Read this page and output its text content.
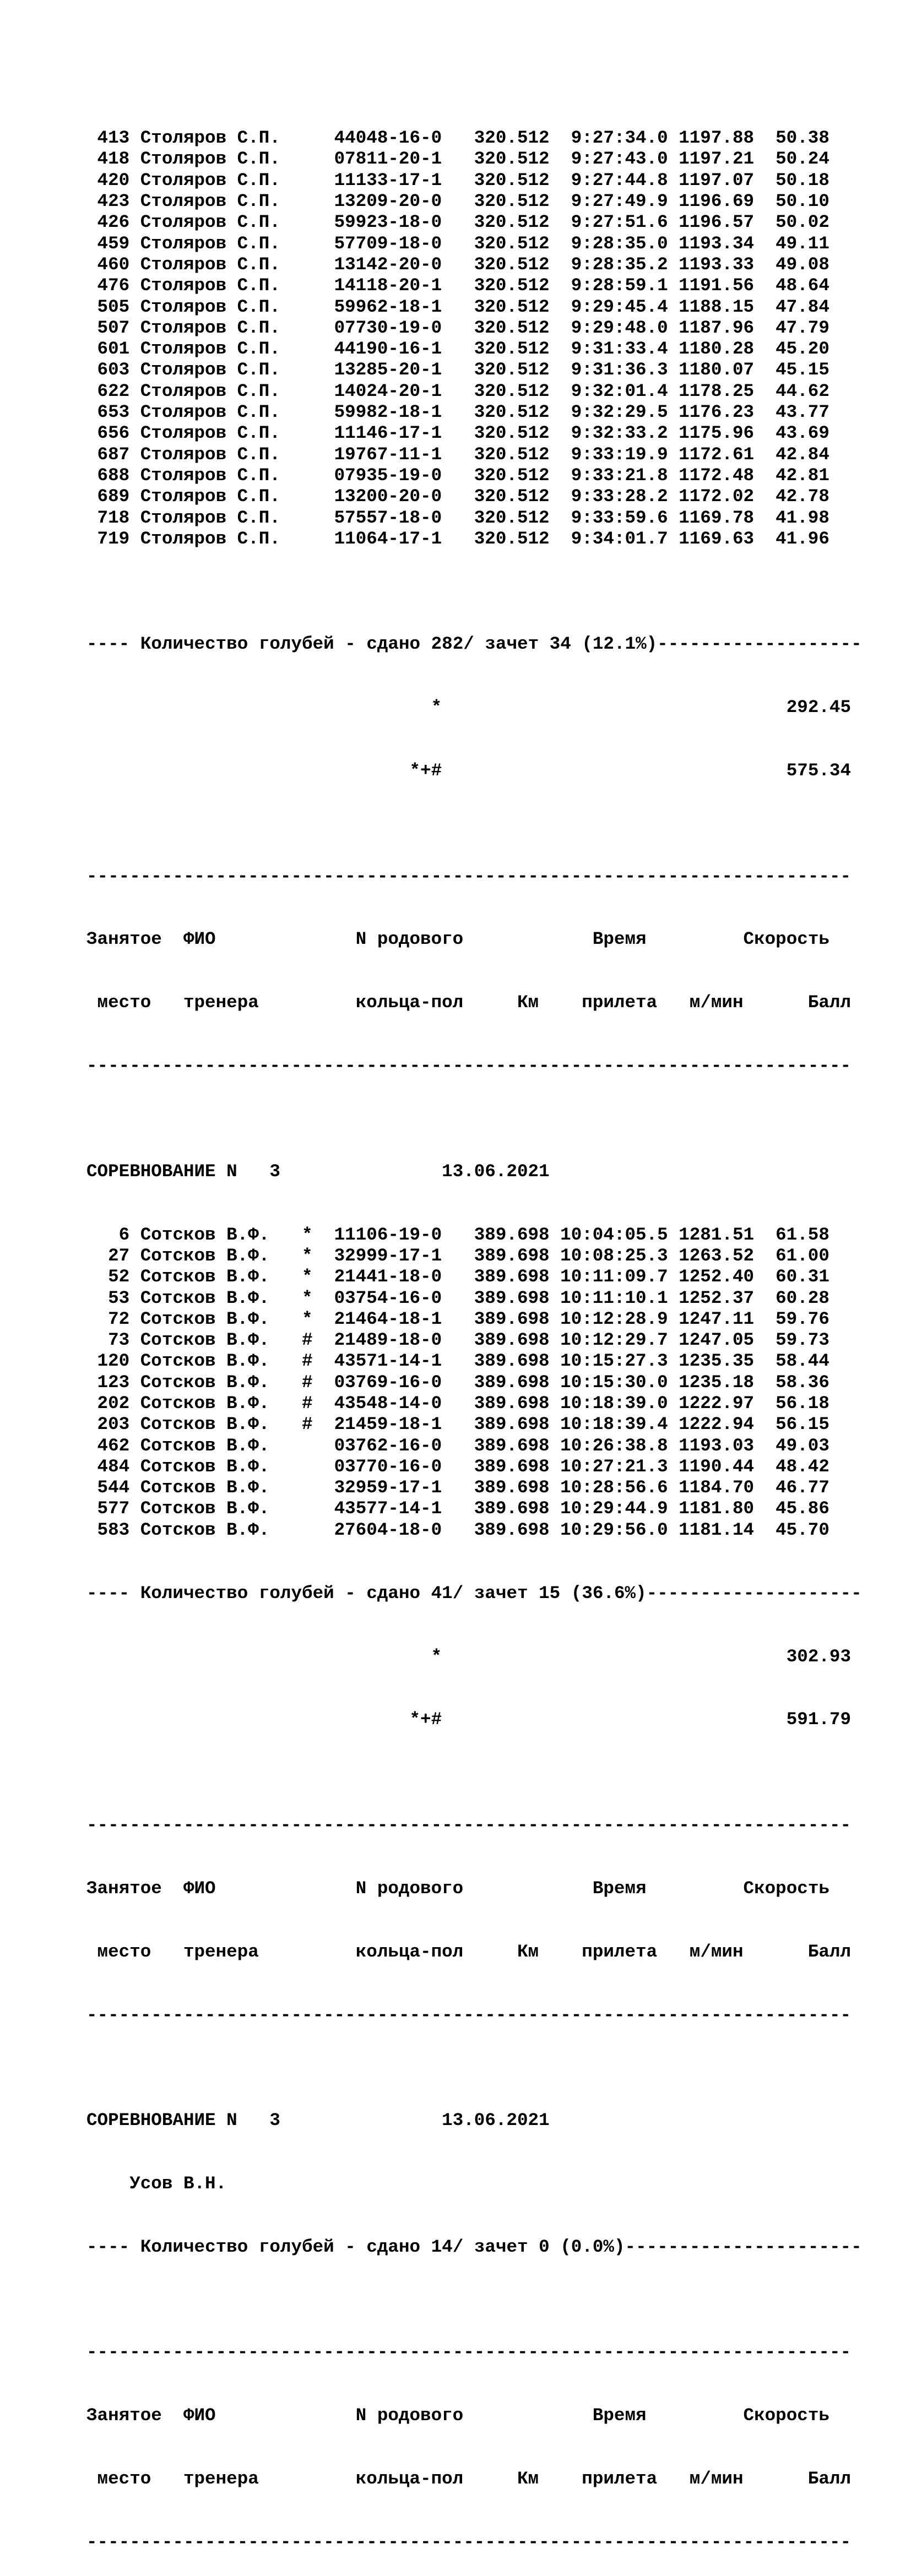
413 Столяров С.П.	44048-16-0 320.512 9:27:34.0 1197.88 50.38
418 Столяров С.П.	07811-20-1 320.512 9:27:43.0 1197.21 50.24
420 Столяров С.П.	11133-17-1 320.512 9:27:44.8 1197.07 50.18
423 Столяров С.П.	13209-20-0 320.512 9:27:49.9 1196.69 50.10
426 Столяров С.П.	59923-18-0 320.512 9:27:51.6 1196.57 50.02
459 Столяров С.П.	57709-18-0 320.512 9:28:35.0 1193.34 49.11
460 Столяров С.П.	13142-20-0 320.512 9:28:35.2 1193.33 49.08
476 Столяров С.П.	14118-20-1 320.512 9:28:59.1 1191.56 48.64
505 Столяров С.П.	59962-18-1 320.512 9:29:45.4 1188.15 47.84
507 Столяров С.П.	07730-19-0 320.512 9:29:48.0 1187.96 47.79
601 Столяров С.П.	44190-16-1 320.512 9:31:33.4 1180.28 45.20
603 Столяров С.П.	13285-20-1 320.512 9:31:36.3 1180.07 45.15
622 Столяров С.П.	14024-20-1 320.512 9:32:01.4 1178.25 44.62
653 Столяров С.П.	59982-18-1 320.512 9:32:29.5 1176.23 43.77
656 Столяров С.П.	11146-17-1 320.512 9:32:33.2 1175.96 43.69
687 Столяров С.П.	19767-11-1 320.512 9:33:19.9 1172.61 42.84
688 Столяров С.П.	07935-19-0 320.512 9:33:21.8 1172.48 42.81
689 Столяров С.П.	13200-20-0 320.512 9:33:28.2 1172.02 42.78
718 Столяров С.П.	57557-18-0 320.512 9:33:59.6 1169.78 41.98
719 Столяров С.П.	11064-17-1 320.512 9:34:01.7 1169.63 41.96

---- Количество голубей - сдано 282/ зачет 34 (12.1%)-------------------

*	292.45

*+#	575.34

-----------------------------------------------------------------------

Занятое ФИО	N родового	Время	Скорость

место тренера	кольца-пол	Км прилета м/мин	Балл

-----------------------------------------------------------------------

СОРЕВНОВАНИЕ N   3	13.06.2021

6 Сотсков В.Ф. * 11106-19-0 389.698 10:04:05.5 1281.51 61.58
27 Сотсков В.Ф. * 32999-17-1 389.698 10:08:25.3 1263.52 61.00
52 Сотсков В.Ф. * 21441-18-0 389.698 10:11:09.7 1252.40 60.31
53 Сотсков В.Ф. * 03754-16-0 389.698 10:11:10.1 1252.37 60.28
72 Сотсков В.Ф. * 21464-18-1 389.698 10:12:28.9 1247.11 59.76
73 Сотсков В.Ф. # 21489-18-0 389.698 10:12:29.7 1247.05 59.73
120 Сотсков В.Ф. # 43571-14-1 389.698 10:15:27.3 1235.35 58.44
123 Сотсков В.Ф. # 03769-16-0 389.698 10:15:30.0 1235.18 58.36
202 Сотсков В.Ф. # 43548-14-0 389.698 10:18:39.0 1222.97 56.18
203 Сотсков В.Ф. # 21459-18-1 389.698 10:18:39.4 1222.94 56.15
462 Сотсков В.Ф.	03762-16-0 389.698 10:26:38.8 1193.03 49.03
484 Сотсков В.Ф.	03770-16-0 389.698 10:27:21.3 1190.44 48.42
544 Сотсков В.Ф.	32959-17-1 389.698 10:28:56.6 1184.70 46.77
577 Сотсков В.Ф.	43577-14-1 389.698 10:29:44.9 1181.80 45.86
583 Сотсков В.Ф.	27604-18-0 389.698 10:29:56.0 1181.14 45.70

---- Количество голубей - сдано 41/ зачет 15 (36.6%)--------------------

*	302.93

*+#	591.79

-----------------------------------------------------------------------

Занятое ФИО	N родового	Время	Скорость

место тренера	кольца-пол	Км прилета м/мин	Балл

-----------------------------------------------------------------------

СОРЕВНОВАНИЕ N   3	13.06.2021

Усов В.Н.

---- Количество голубей - сдано 14/ зачет 0 (0.0%)----------------------

-----------------------------------------------------------------------

Занятое ФИО	N родового	Время	Скорость

место тренера	кольца-пол	Км прилета м/мин	Балл

-----------------------------------------------------------------------
